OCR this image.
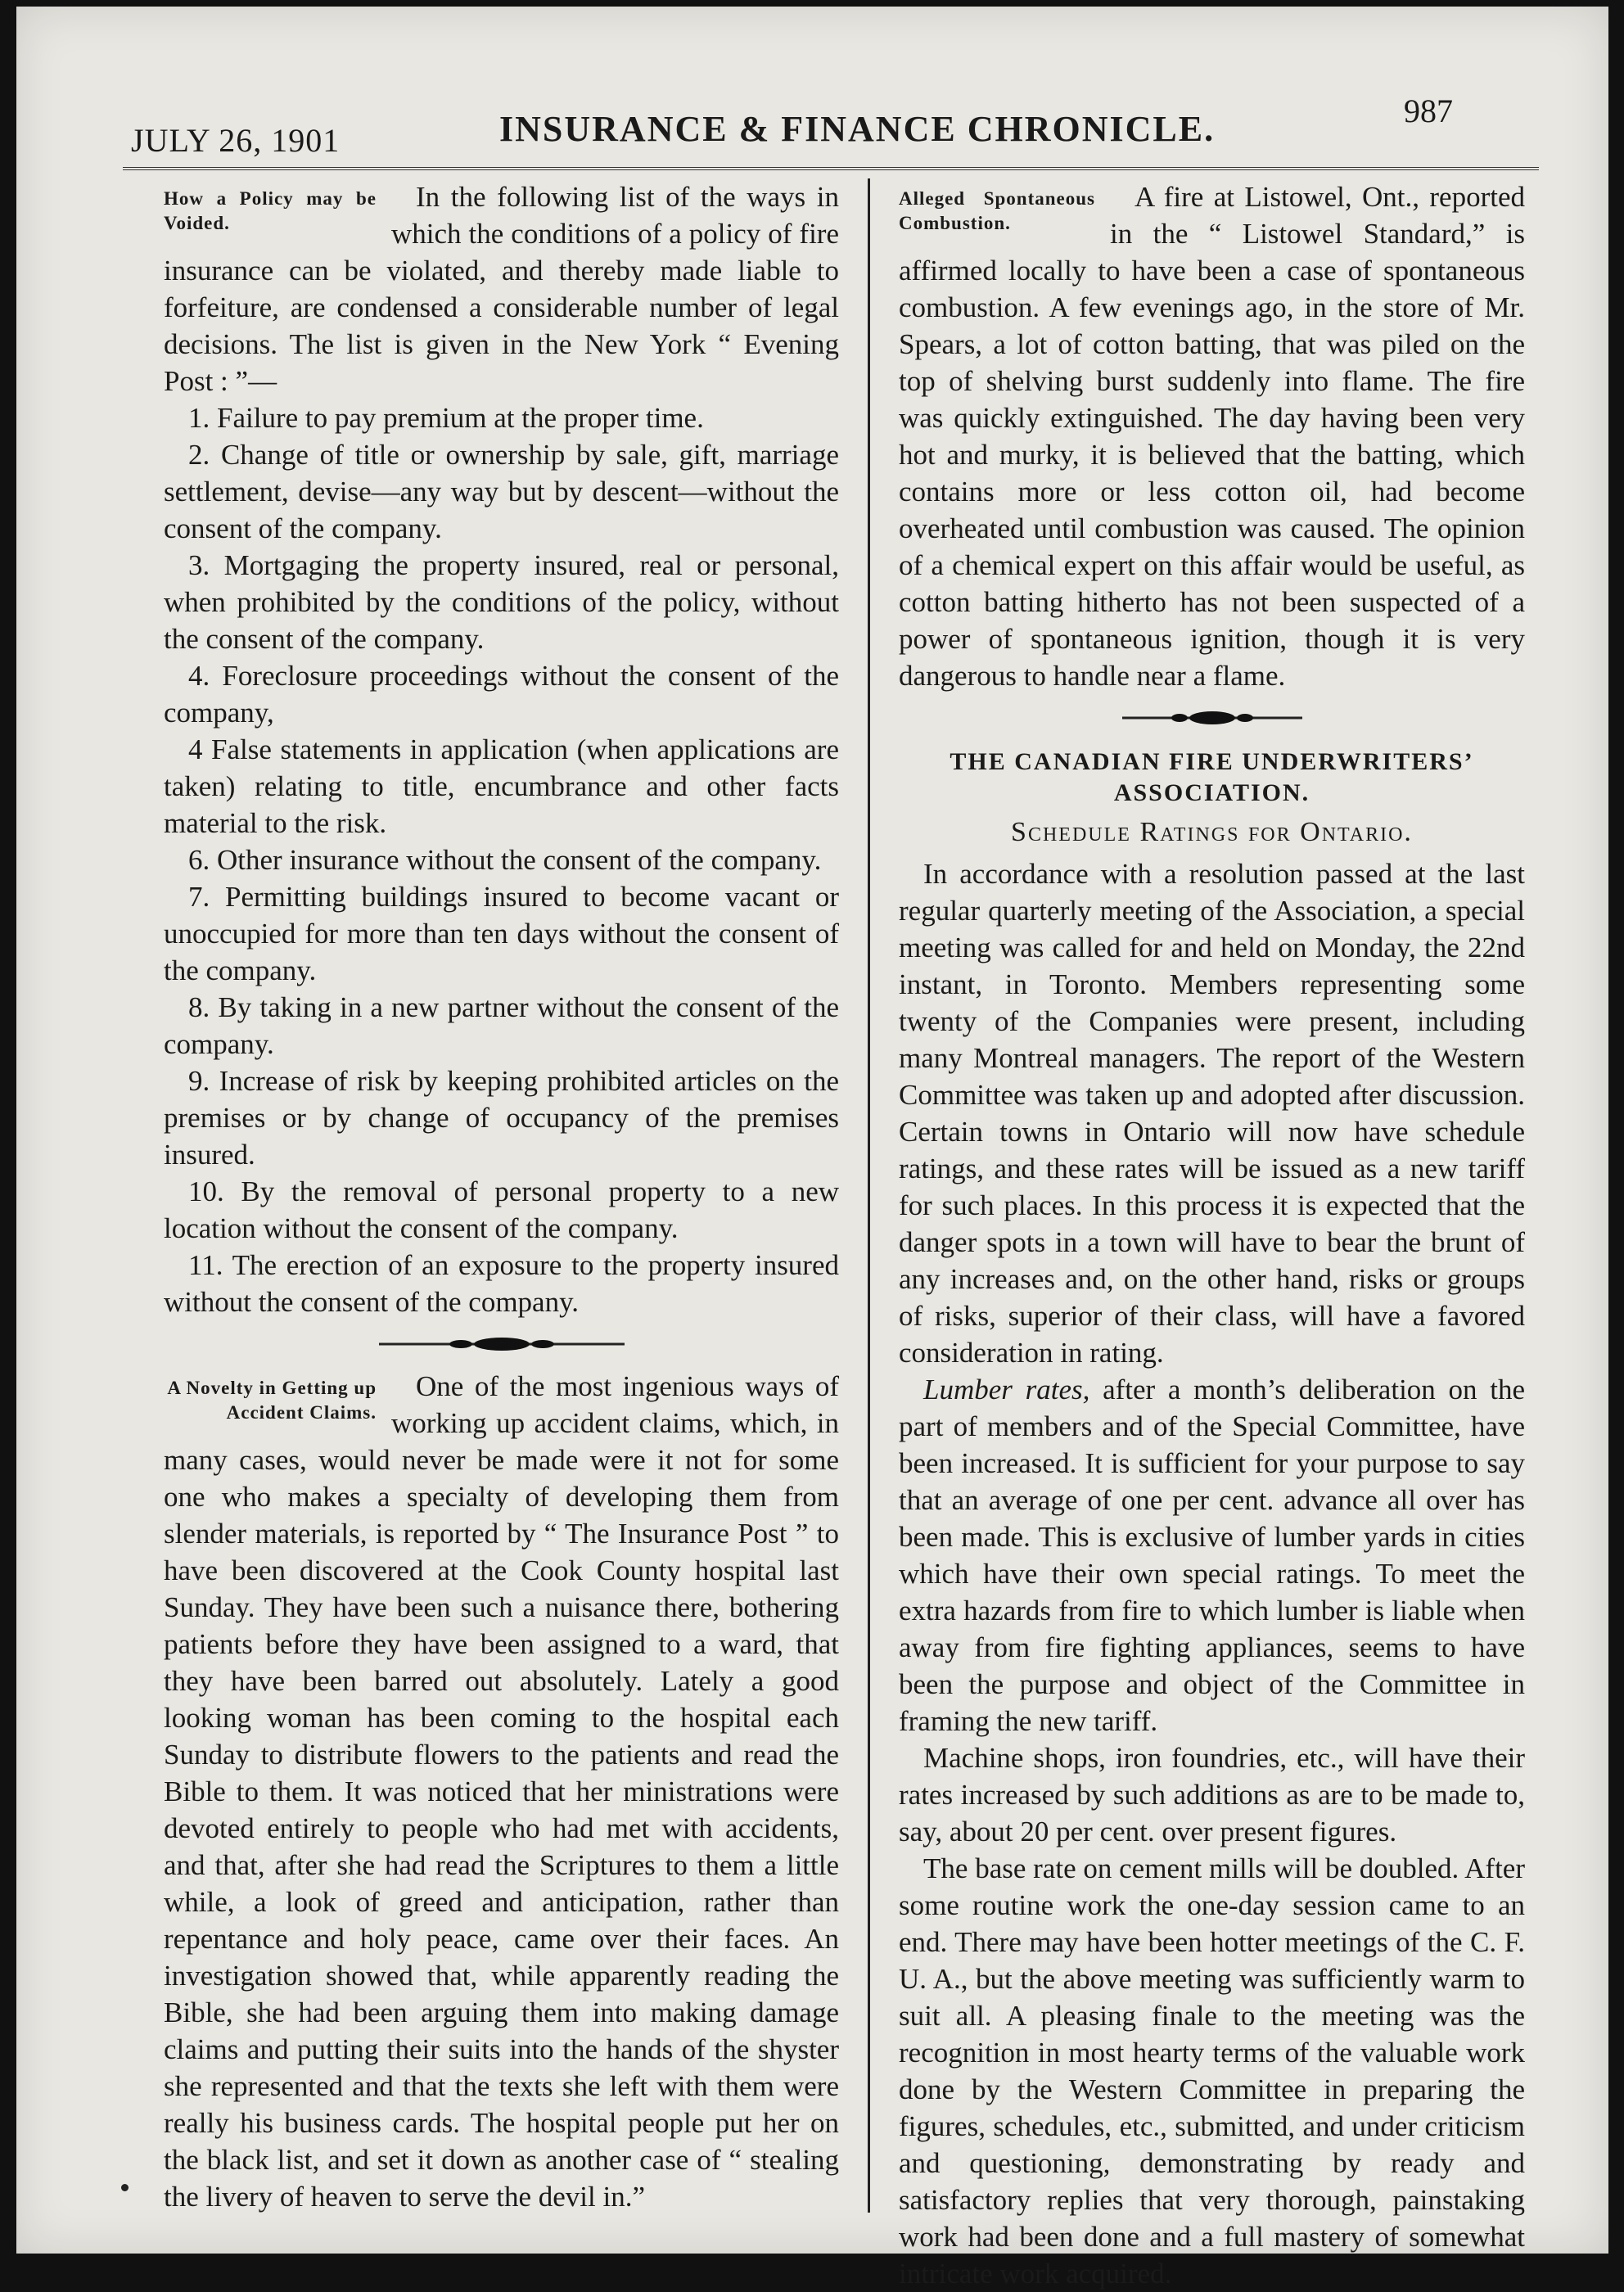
JULY 26, 1901	INSURANCE & FINANCE CHRONICLE.	987
How a Policy may be Voided.

In the following list of the ways in which the conditions of a policy of fire insurance can be violated, and thereby made liable to forfeiture, are condensed a considerable number of legal decisions. The list is given in the New York “ Evening Post : ”—

1. Failure to pay premium at the proper time.

2. Change of title or ownership by sale, gift, marriage settlement, devise—any way but by descent—without the consent of the company.

3. Mortgaging the property insured, real or personal, when prohibited by the conditions of the policy, without the consent of the company.

4. Foreclosure proceedings without the consent of the company,

4 False statements in application (when applications are taken) relating to title, encumbrance and other facts material to the risk.

6. Other insurance without the consent of the company.

7. Permitting buildings insured to become vacant or unoccupied for more than ten days without the consent of the company.

8. By taking in a new partner without the consent of the company.

9. Increase of risk by keeping prohibited articles on the premises or by change of occupancy of the premises insured.

10. By the removal of personal property to a new location without the consent of the company.

11. The erection of an exposure to the property insured without the consent of the company.

A Novelty in Getting up Accident Claims.

One of the most ingenious ways of working up accident claims, which, in many cases, would never be made were it not for some one who makes a specialty of developing them from slender materials, is reported by “ The Insurance Post ” to have been discovered at the Cook County hospital last Sunday. They have been such a nuisance there, bothering patients before they have been assigned to a ward, that they have been barred out absolutely. Lately a good looking woman has been coming to the hospital each Sunday to distribute flowers to the patients and read the Bible to them. It was noticed that her ministrations were devoted entirely to people who had met with accidents, and that, after she had read the Scriptures to them a little while, a look of greed and anticipation, rather than repentance and holy peace, came over their faces. An investigation showed that, while apparently reading the Bible, she had been arguing them into making damage claims and putting their suits into the hands of the shyster she represented and that the texts she left with them were really his business cards. The hospital people put her on the black list, and set it down as another case of “ stealing the livery of heaven to serve the devil in.”

Alleged Spontaneous Combustion.

A fire at Listowel, Ont., reported in the “ Listowel Standard,” is affirmed locally to have been a case of spontaneous combustion. A few evenings ago, in the store of Mr. Spears, a lot of cotton batting, that was piled on the top of shelving burst suddenly into flame. The fire was quickly extinguished. The day having been very hot and murky, it is believed that the batting, which contains more or less cotton oil, had become overheated until combustion was caused. The opinion of a chemical expert on this affair would be useful, as cotton batting hitherto has not been suspected of a power of spontaneous ignition, though it is very dangerous to handle near a flame.

THE CANADIAN FIRE UNDERWRITERS’ ASSOCIATION.
Schedule Ratings for Ontario.

In accordance with a resolution passed at the last regular quarterly meeting of the Association, a special meeting was called for and held on Monday, the 22nd instant, in Toronto. Members representing some twenty of the Companies were present, including many Montreal managers. The report of the Western Committee was taken up and adopted after discussion. Certain towns in Ontario will now have schedule ratings, and these rates will be issued as a new tariff for such places. In this process it is expected that the danger spots in a town will have to bear the brunt of any increases and, on the other hand, risks or groups of risks, superior of their class, will have a favored consideration in rating.

Lumber rates, after a month’s deliberation on the part of members and of the Special Committee, have been increased. It is sufficient for your purpose to say that an average of one per cent. advance all over has been made. This is exclusive of lumber yards in cities which have their own special ratings. To meet the extra hazards from fire to which lumber is liable when away from fire fighting appliances, seems to have been the purpose and object of the Committee in framing the new tariff.

Machine shops, iron foundries, etc., will have their rates increased by such additions as are to be made to, say, about 20 per cent. over present figures.

The base rate on cement mills will be doubled. After some routine work the one-day session came to an end. There may have been hotter meetings of the C. F. U. A., but the above meeting was sufficiently warm to suit all. A pleasing finale to the meeting was the recognition in most hearty terms of the valuable work done by the Western Committee in preparing the figures, schedules, etc., submitted, and under criticism and questioning, demonstrating by ready and satisfactory replies that very thorough, painstaking work had been done and a full mastery of somewhat intricate work acquired.
